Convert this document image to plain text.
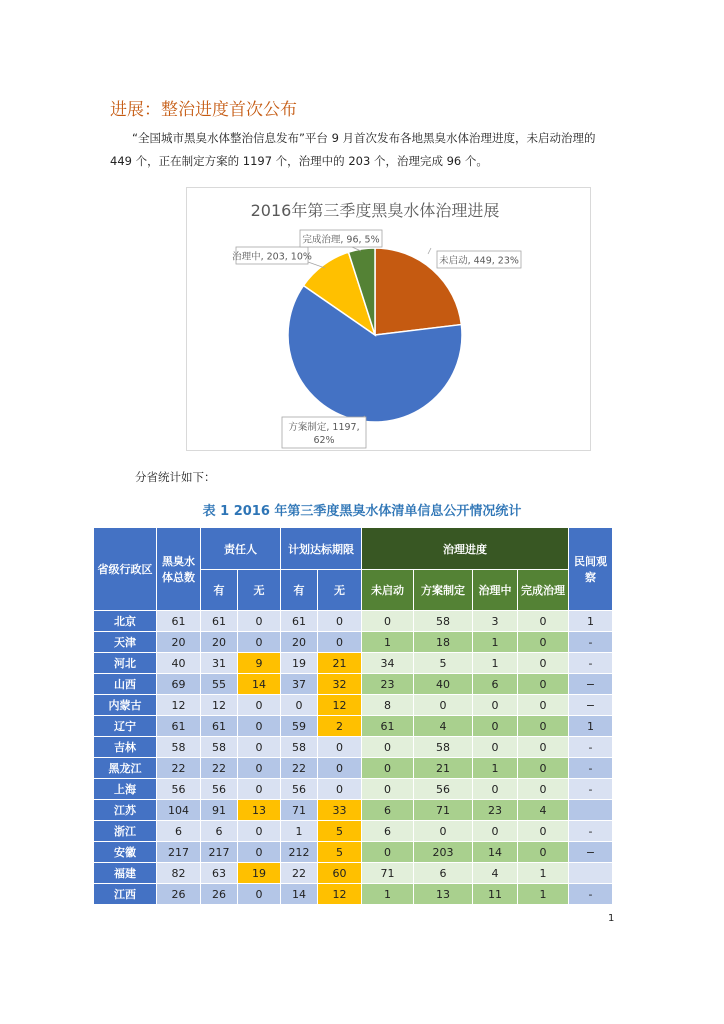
进展：整治进度首次公布
“全国城市黑臭水体整治信息发布”平台 9 月首次发布各地黑臭水体治理进度，未启动治理的 449 个，正在制定方案的 1197 个，治理中的 203 个，治理完成 96 个。
2016年第三季度黑臭水体治理进展
未启动, 449, 23%
方案制定, 1197,
62%
治理中, 203, 10%
完成治理, 96, 5%
分省统计如下：
表 1 2016 年第三季度黑臭水体清单信息公开情况统计
省级行政区	黑臭水体总数	责任人		计划达标期限		治理进度				民间观察
		有	无	有	无	未启动	方案制定	治理中	完成治理	
北京	61	61	0	61	0	0	58	3	0	1
天津	20	20	0	20	0	1	18	1	0	-
河北	40	31	9	19	21	34	5	1	0	-
山西	69	55	14	37	32	23	40	6	0	−
内蒙古	12	12	0	0	12	8	0	0	0	−
辽宁	61	61	0	59	2	61	4	0	0	1
吉林	58	58	0	58	0	0	58	0	0	-
黑龙江	22	22	0	22	0	0	21	1	0	-
上海	56	56	0	56	0	0	56	0	0	-
江苏	104	91	13	71	33	6	71	23	4	
浙江	6	6	0	1	5	6	0	0	0	-
安徽	217	217	0	212	5	0	203	14	0	−
福建	82	63	19	22	60	71	6	4	1	
江西	26	26	0	14	12	1	13	11	1	-
1
